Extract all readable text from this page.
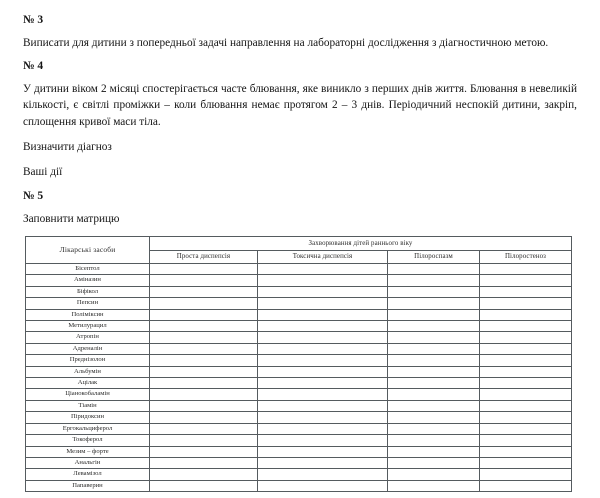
№ 3

Виписати для дитини з попередньої задачі направлення на лабораторні дослідження з діагностичною метою.

№ 4

У дитини віком 2 місяці спостерігається часте блювання, яке виникло з перших днів життя. Блювання в невеликій кількості, є світлі проміжки – коли блювання немає протягом 2 – 3 днів. Періодичний неспокій дитини, закріп, сплощення кривої маси тіла.

Визначити діагноз
Ваші дії
№ 5
Заповнити матрицю
Лікарські засоби	Захворювання дітей раннього віку			
	Проста диспепсія	Токсична диспепсія	Пілороспазм	Пілоростеноз
Бісептол				
Аміназин				
Біфікол				
Пепсин				
Поліміксин				
Метилурацил				
Атропін				
Адреналін				
Преднізолон				
Альбумін				
Ацілак				
Ціанокобаламін				
Тіамін				
Піридоксин				
Ергокальциферол				
Токоферол				
Мезим – форте				
Анальгін				
Левамізол				
Папаверин				
